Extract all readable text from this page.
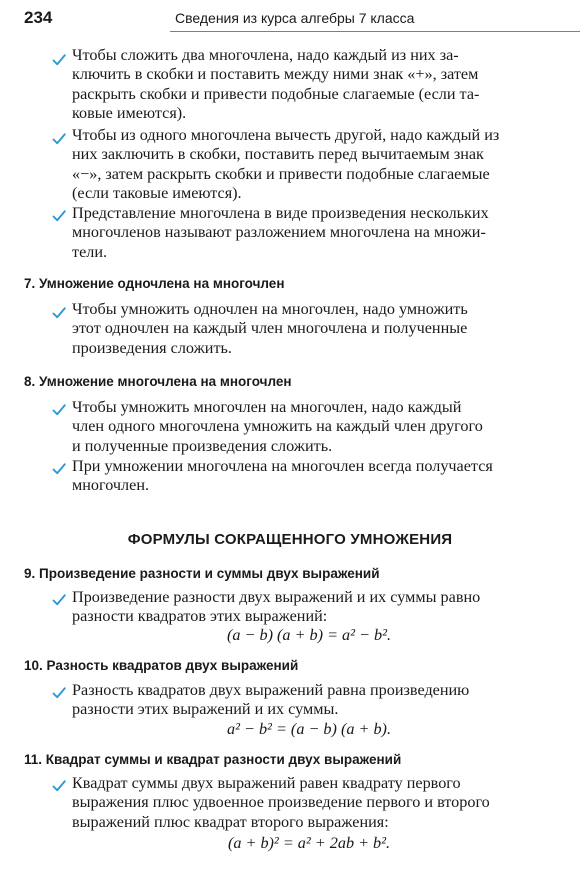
234	Сведения из курса алгебры 7 класса
Чтобы сложить два многочлена, надо каждый из них за-
ключить в скобки и поставить между ними знак «+», затем
раскрыть скобки и привести подобные слагаемые (если та-
ковые имеются).
Чтобы из одного многочлена вычесть другой, надо каждый из
них заключить в скобки, поставить перед вычитаемым знак
«−», затем раскрыть скобки и привести подобные слагаемые
(если таковые имеются).
Представление многочлена в виде произведения нескольких
многочленов называют разложением многочлена на множи-
тели.
7. Умножение одночлена на многочлен
Чтобы умножить одночлен на многочлен, надо умножить
этот одночлен на каждый член многочлена и полученные
произведения сложить.
8. Умножение многочлена на многочлен
Чтобы умножить многочлен на многочлен, надо каждый
член одного многочлена умножить на каждый член другого
и полученные произведения сложить.
При умножении многочлена на многочлен всегда получается
многочлен.
ФОРМУЛЫ СОКРАЩЕННОГО УМНОЖЕНИЯ
9. Произведение разности и суммы двух выражений
Произведение разности двух выражений и их суммы равно
разности квадратов этих выражений:
(a − b) (a + b) = a² − b².
10. Разность квадратов двух выражений
Разность квадратов двух выражений равна произведению
разности этих выражений и их суммы.
a² − b² = (a − b) (a + b).
11. Квадрат суммы и квадрат разности двух выражений
Квадрат суммы двух выражений равен квадрату первого
выражения плюс удвоенное произведение первого и второго
выражений плюс квадрат второго выражения:
(a + b)² = a² + 2ab + b².
